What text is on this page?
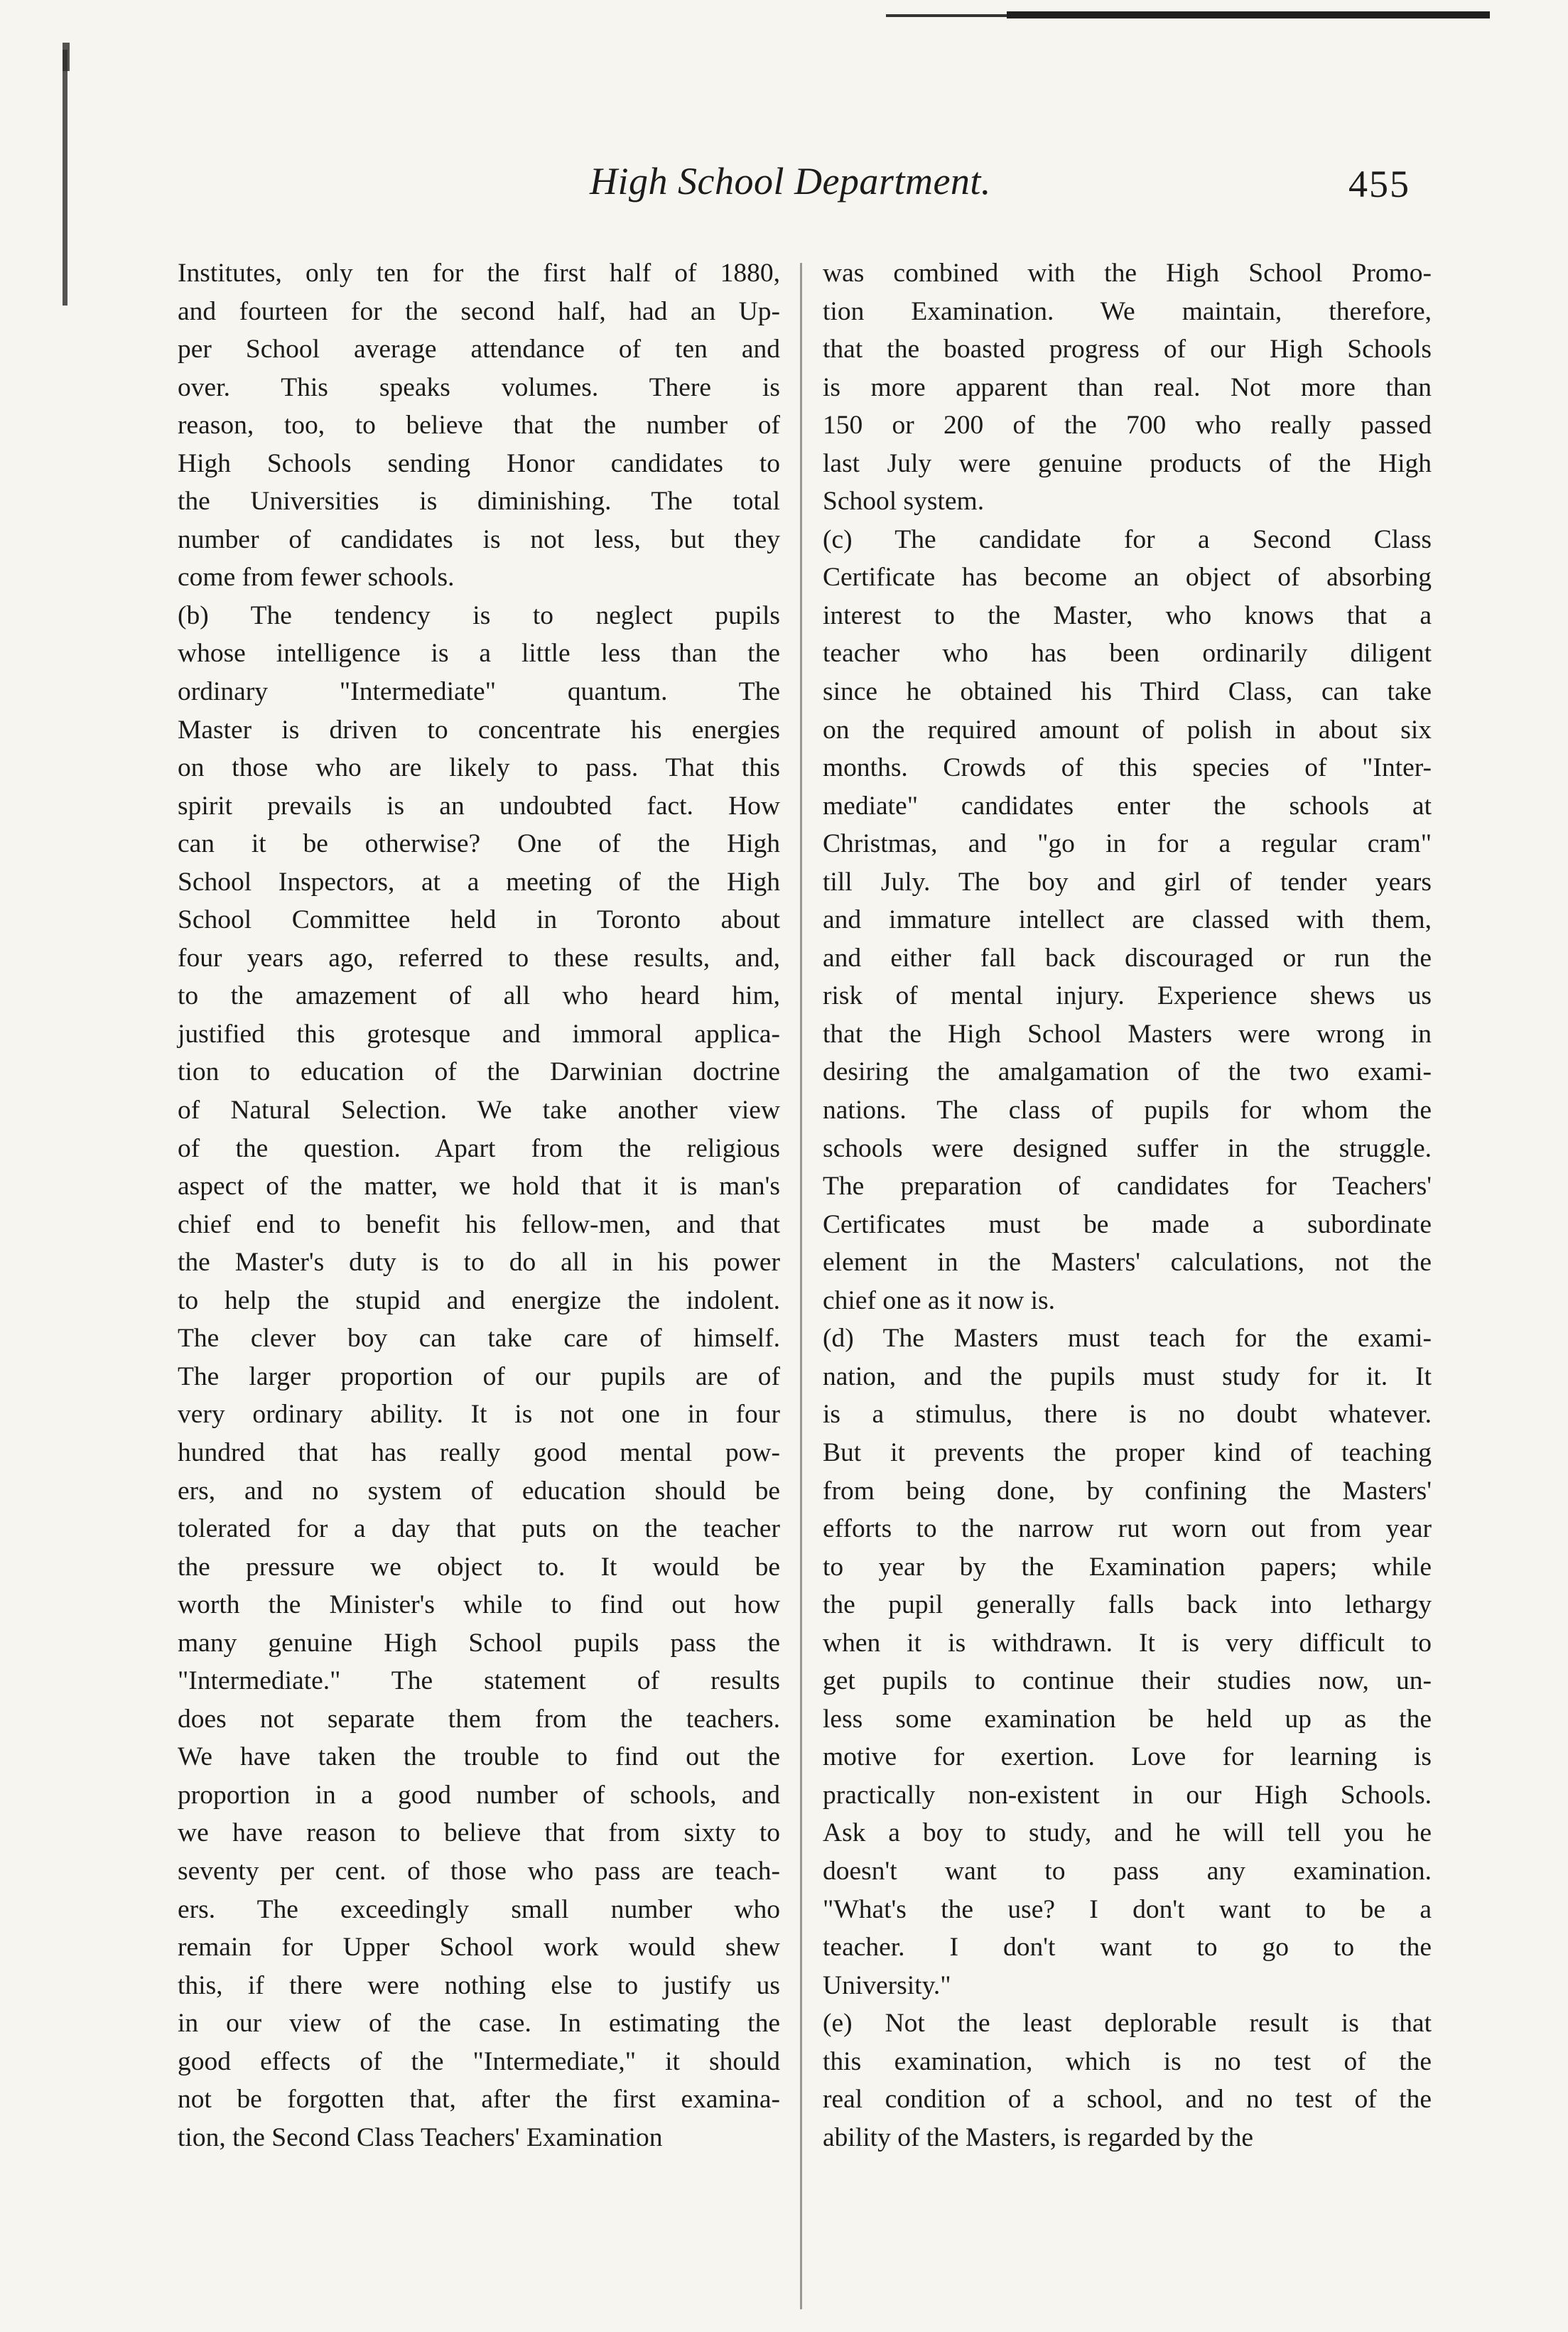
High School Department.	455
Institutes, only ten for the first half of 1880,
and fourteen for the second half, had an Up-
per School average attendance of ten and
over. This speaks volumes. There is
reason, too, to believe that the number of
High Schools sending Honor candidates to
the Universities is diminishing. The total
number of candidates is not less, but they
come from fewer schools.
(b) The tendency is to neglect pupils
whose intelligence is a little less than the
ordinary "Intermediate" quantum. The
Master is driven to concentrate his energies
on those who are likely to pass. That this
spirit prevails is an undoubted fact. How
can it be otherwise? One of the High
School Inspectors, at a meeting of the High
School Committee held in Toronto about
four years ago, referred to these results, and,
to the amazement of all who heard him,
justified this grotesque and immoral applica-
tion to education of the Darwinian doctrine
of Natural Selection. We take another view
of the question. Apart from the religious
aspect of the matter, we hold that it is man's
chief end to benefit his fellow-men, and that
the Master's duty is to do all in his power
to help the stupid and energize the indolent.
The clever boy can take care of himself.
The larger proportion of our pupils are of
very ordinary ability. It is not one in four
hundred that has really good mental pow-
ers, and no system of education should be
tolerated for a day that puts on the teacher
the pressure we object to. It would be
worth the Minister's while to find out how
many genuine High School pupils pass the
"Intermediate." The statement of results
does not separate them from the teachers.
We have taken the trouble to find out the
proportion in a good number of schools, and
we have reason to believe that from sixty to
seventy per cent. of those who pass are teach-
ers. The exceedingly small number who
remain for Upper School work would shew
this, if there were nothing else to justify us
in our view of the case. In estimating the
good effects of the "Intermediate," it should
not be forgotten that, after the first examina-
tion, the Second Class Teachers' Examination
was combined with the High School Promo-
tion Examination. We maintain, therefore,
that the boasted progress of our High Schools
is more apparent than real. Not more than
150 or 200 of the 700 who really passed
last July were genuine products of the High
School system.
(c) The candidate for a Second Class
Certificate has become an object of absorbing
interest to the Master, who knows that a
teacher who has been ordinarily diligent
since he obtained his Third Class, can take
on the required amount of polish in about six
months. Crowds of this species of "Inter-
mediate" candidates enter the schools at
Christmas, and "go in for a regular cram"
till July. The boy and girl of tender years
and immature intellect are classed with them,
and either fall back discouraged or run the
risk of mental injury. Experience shews us
that the High School Masters were wrong in
desiring the amalgamation of the two exami-
nations. The class of pupils for whom the
schools were designed suffer in the struggle.
The preparation of candidates for Teachers'
Certificates must be made a subordinate
element in the Masters' calculations, not the
chief one as it now is.
(d) The Masters must teach for the exami-
nation, and the pupils must study for it. It
is a stimulus, there is no doubt whatever.
But it prevents the proper kind of teaching
from being done, by confining the Masters'
efforts to the narrow rut worn out from year
to year by the Examination papers; while
the pupil generally falls back into lethargy
when it is withdrawn. It is very difficult to
get pupils to continue their studies now, un-
less some examination be held up as the
motive for exertion. Love for learning is
practically non-existent in our High Schools.
Ask a boy to study, and he will tell you he
doesn't want to pass any examination.
"What's the use? I don't want to be a
teacher. I don't want to go to the
University."
(e) Not the least deplorable result is that
this examination, which is no test of the
real condition of a school, and no test of the
ability of the Masters, is regarded by the
